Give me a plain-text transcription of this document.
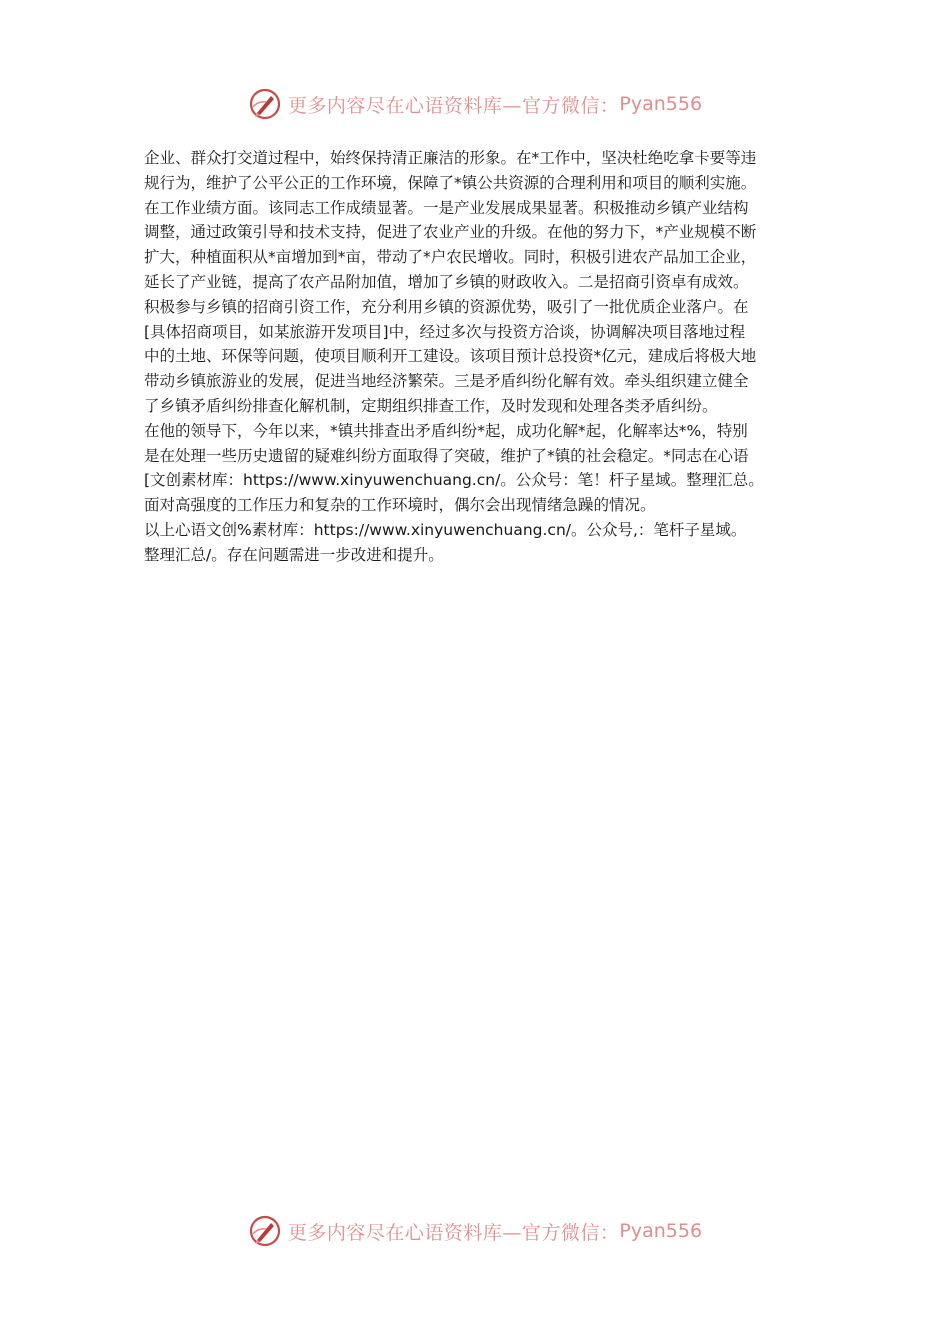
更多内容尽在心语资料库—官方微信： Pyan556

企业、群众打交道过程中，始终保持清正廉洁的形象。在*工作中，坚决杜绝吃拿卡要等违
规行为，维护了公平公正的工作环境，保障了*镇公共资源的合理利用和项目的顺利实施。

在工作业绩方面。该同志工作成绩显著。一是产业发展成果显著。积极推动乡镇产业结构
调整，通过政策引导和技术支持，促进了农业产业的升级。在他的努力下，*产业规模不断
扩大，种植面积从*亩增加到*亩，带动了*户农民增收。同时，积极引进农产品加工企业，
延长了产业链，提高了农产品附加值，增加了乡镇的财政收入。二是招商引资卓有成效。
积极参与乡镇的招商引资工作，充分利用乡镇的资源优势，吸引了一批优质企业落户。在
[具体招商项目，如某旅游开发项目]中，经过多次与投资方洽谈，协调解决项目落地过程
中的土地、环保等问题，使项目顺利开工建设。该项目预计总投资*亿元，建成后将极大地
带动乡镇旅游业的发展，促进当地经济繁荣。三是矛盾纠纷化解有效。牵头组织建立健全
了乡镇矛盾纠纷排查化解机制，定期组织排查工作，及时发现和处理各类矛盾纠纷。

在他的领导下，今年以来，*镇共排查出矛盾纠纷*起，成功化解*起，化解率达*%，特别
是在处理一些历史遗留的疑难纠纷方面取得了突破，维护了*镇的社会稳定。*同志在心语
[文创素材库：https://www.xinyuwenchuang.cn/。公众号：笔！杆子星域。整理汇总。
面对高强度的工作压力和复杂的工作环境时，偶尔会出现情绪急躁的情况。

以上心语文创%素材库：https://www.xinyuwenchuang.cn/。公众号,：笔杆子星域。
整理汇总/。存在问题需进一步改进和提升。

更多内容尽在心语资料库—官方微信： Pyan556
